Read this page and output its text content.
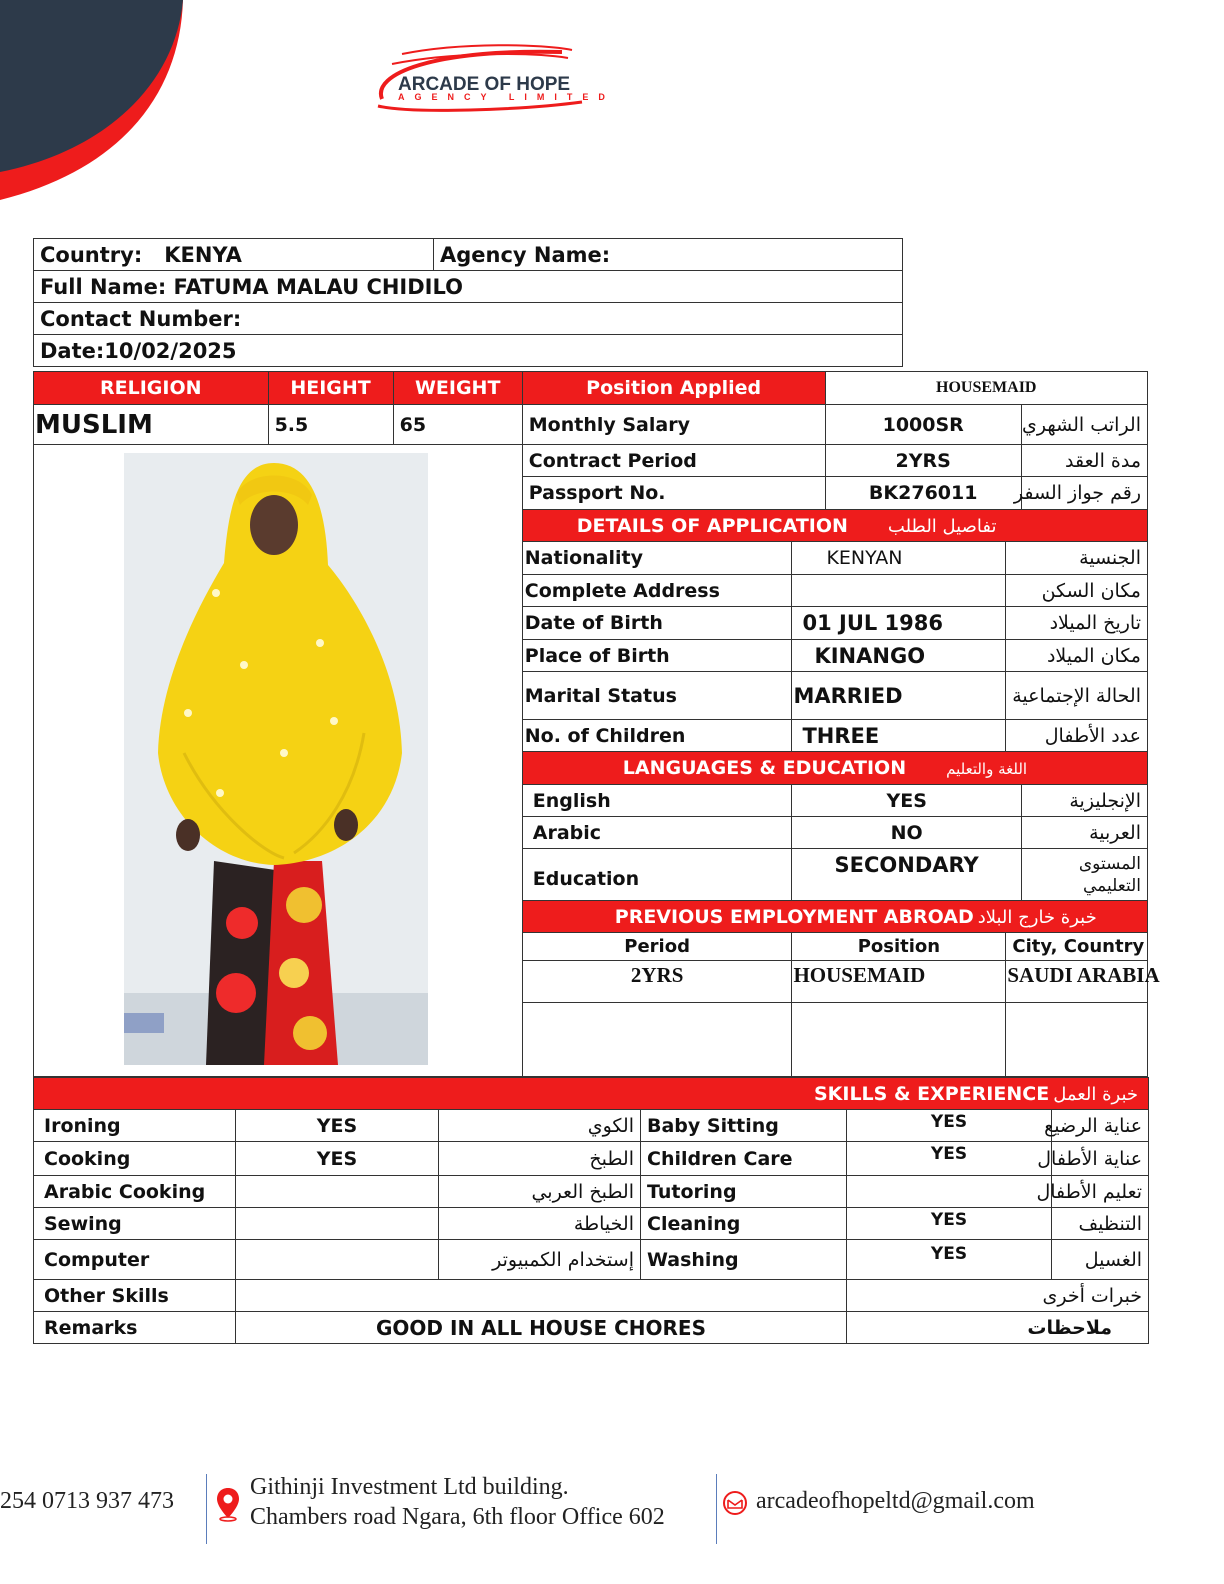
ARCADE OF HOPE
AGENCY LIMITED
Country: KENYA	Agency Name:
Full Name: FATUMA MALAU CHIDILO
Contact Number:
Date:10/02/2025
RELIGION	HEIGHT	WEIGHT	Position Applied		HOUSEMAID		
MUSLIM	5.5	65	Monthly Salary		1000SR		الراتب الشهري

	Contract Period		2YRS		مدة العقد
			Passport No.		BK276011		رقم جواز السفر
			DETAILS OF APPLICATION تفاصيل الطلب				
			Nationality	KENYAN		الجنسية	
			Complete Address			مكان السكن	
			Date of Birth	01 JUL 1986		تاريخ الميلاد	
			Place of Birth	KINANGO		مكان الميلاد	
			Marital Status	MARRIED		الحالة الإجتماعية	
			No. of Children	THREE		عدد الأطفال	
			LANGUAGES & EDUCATION اللغة والتعليم				
			English	YES			الإنجليزية
			Arabic	NO			العربية
			Education	SECONDARY			المستوى التعليمي
			PREVIOUS EMPLOYMENT ABROAD خبرة خارج البلاد				
			Period	Position		City, Country	
			2YRS	HOUSEMAID		SAUDI ARABIA	

SKILLS & EXPERIENCE خبرة العمل					
Ironing	YES	الكوي	Baby Sitting	YES	عناية الرضيع
Cooking	YES	الطبخ	Children Care	YES	عناية الأطفال
Arabic Cooking		الطبخ العربي	Tutoring		تعليم الأطفال
Sewing		الخياطة	Cleaning	YES	التنظيف
Computer		إستخدام الكمبيوتر	Washing	YES	الغسيل
Other Skills				خبرات أخرى	
Remarks	GOOD IN ALL HOUSE CHORES			ملاحظات	
254 0713 937 473
Githinji Investment Ltd building.
Chambers road Ngara, 6th floor Office 602
arcadeofhopeltd@gmail.com
